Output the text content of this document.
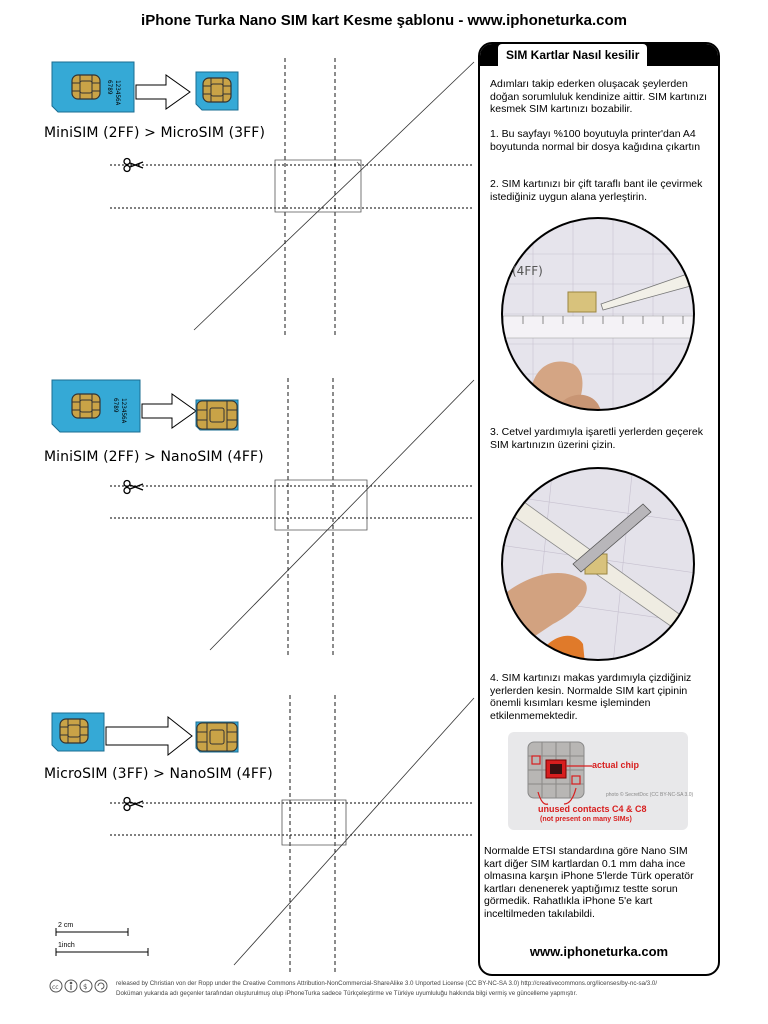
iPhone Turka Nano SIM kart Kesme şablonu - www.iphoneturka.com
123456A
6789
123456A
6789
cc	$
MiniSIM (2FF) > MicroSIM (3FF)
MiniSIM (2FF) > NanoSIM (4FF)
MicroSIM (3FF) > NanoSIM (4FF)
2 cm
1inch
SIM Kartlar Nasıl kesilir
Adımları takip ederken oluşacak şeylerden doğan sorumluluk kendinize aittir. SIM kartınızı kesmek SIM kartınızı bozabilir.
1. Bu sayfayı %100 boyutuyla printer'dan A4 boyutunda normal bir dosya kağıdına çıkartın
2. SIM kartınızı bir çift taraflı bant ile çevirmek istediğiniz uygun alana yerleştirin.
(4FF)
3. Cetvel yardımıyla işaretli yerlerden geçerek SIM kartınızın üzerini çizin.
4. SIM kartınızı makas yardımıyla çizdiğiniz yerlerden kesin. Normalde SIM kart çipinin önemli kısımları kesme işleminden etkilenmemektedir.
actual chip
photo © SecretDoc (CC BY-NC-SA 3.0)
unused contacts C4 & C8
(not present on many SIMs)
Normalde ETSI standardına göre Nano SIM kart diğer SIM kartlardan 0.1 mm daha ince olmasına karşın iPhone 5'lerde Türk operatör kartları denenerek yaptığımız testte sorun görmedik. Rahatlıkla iPhone 5'e kart inceltilmeden takılabildi.
www.iphoneturka.com
released by Christian von der Ropp under the Creative Commons Attribution-NonCommercial-ShareAlike 3.0 Unported License (CC BY-NC-SA 3.0) http://creativecommons.org/licenses/by-nc-sa/3.0/
Doküman yukarıda adı geçenler tarafından oluşturulmuş olup iPhoneTurka sadece Türkçeleştirme ve Türkiye uyumluluğu hakkında bilgi vermiş ve güncelleme yapmıştır.
